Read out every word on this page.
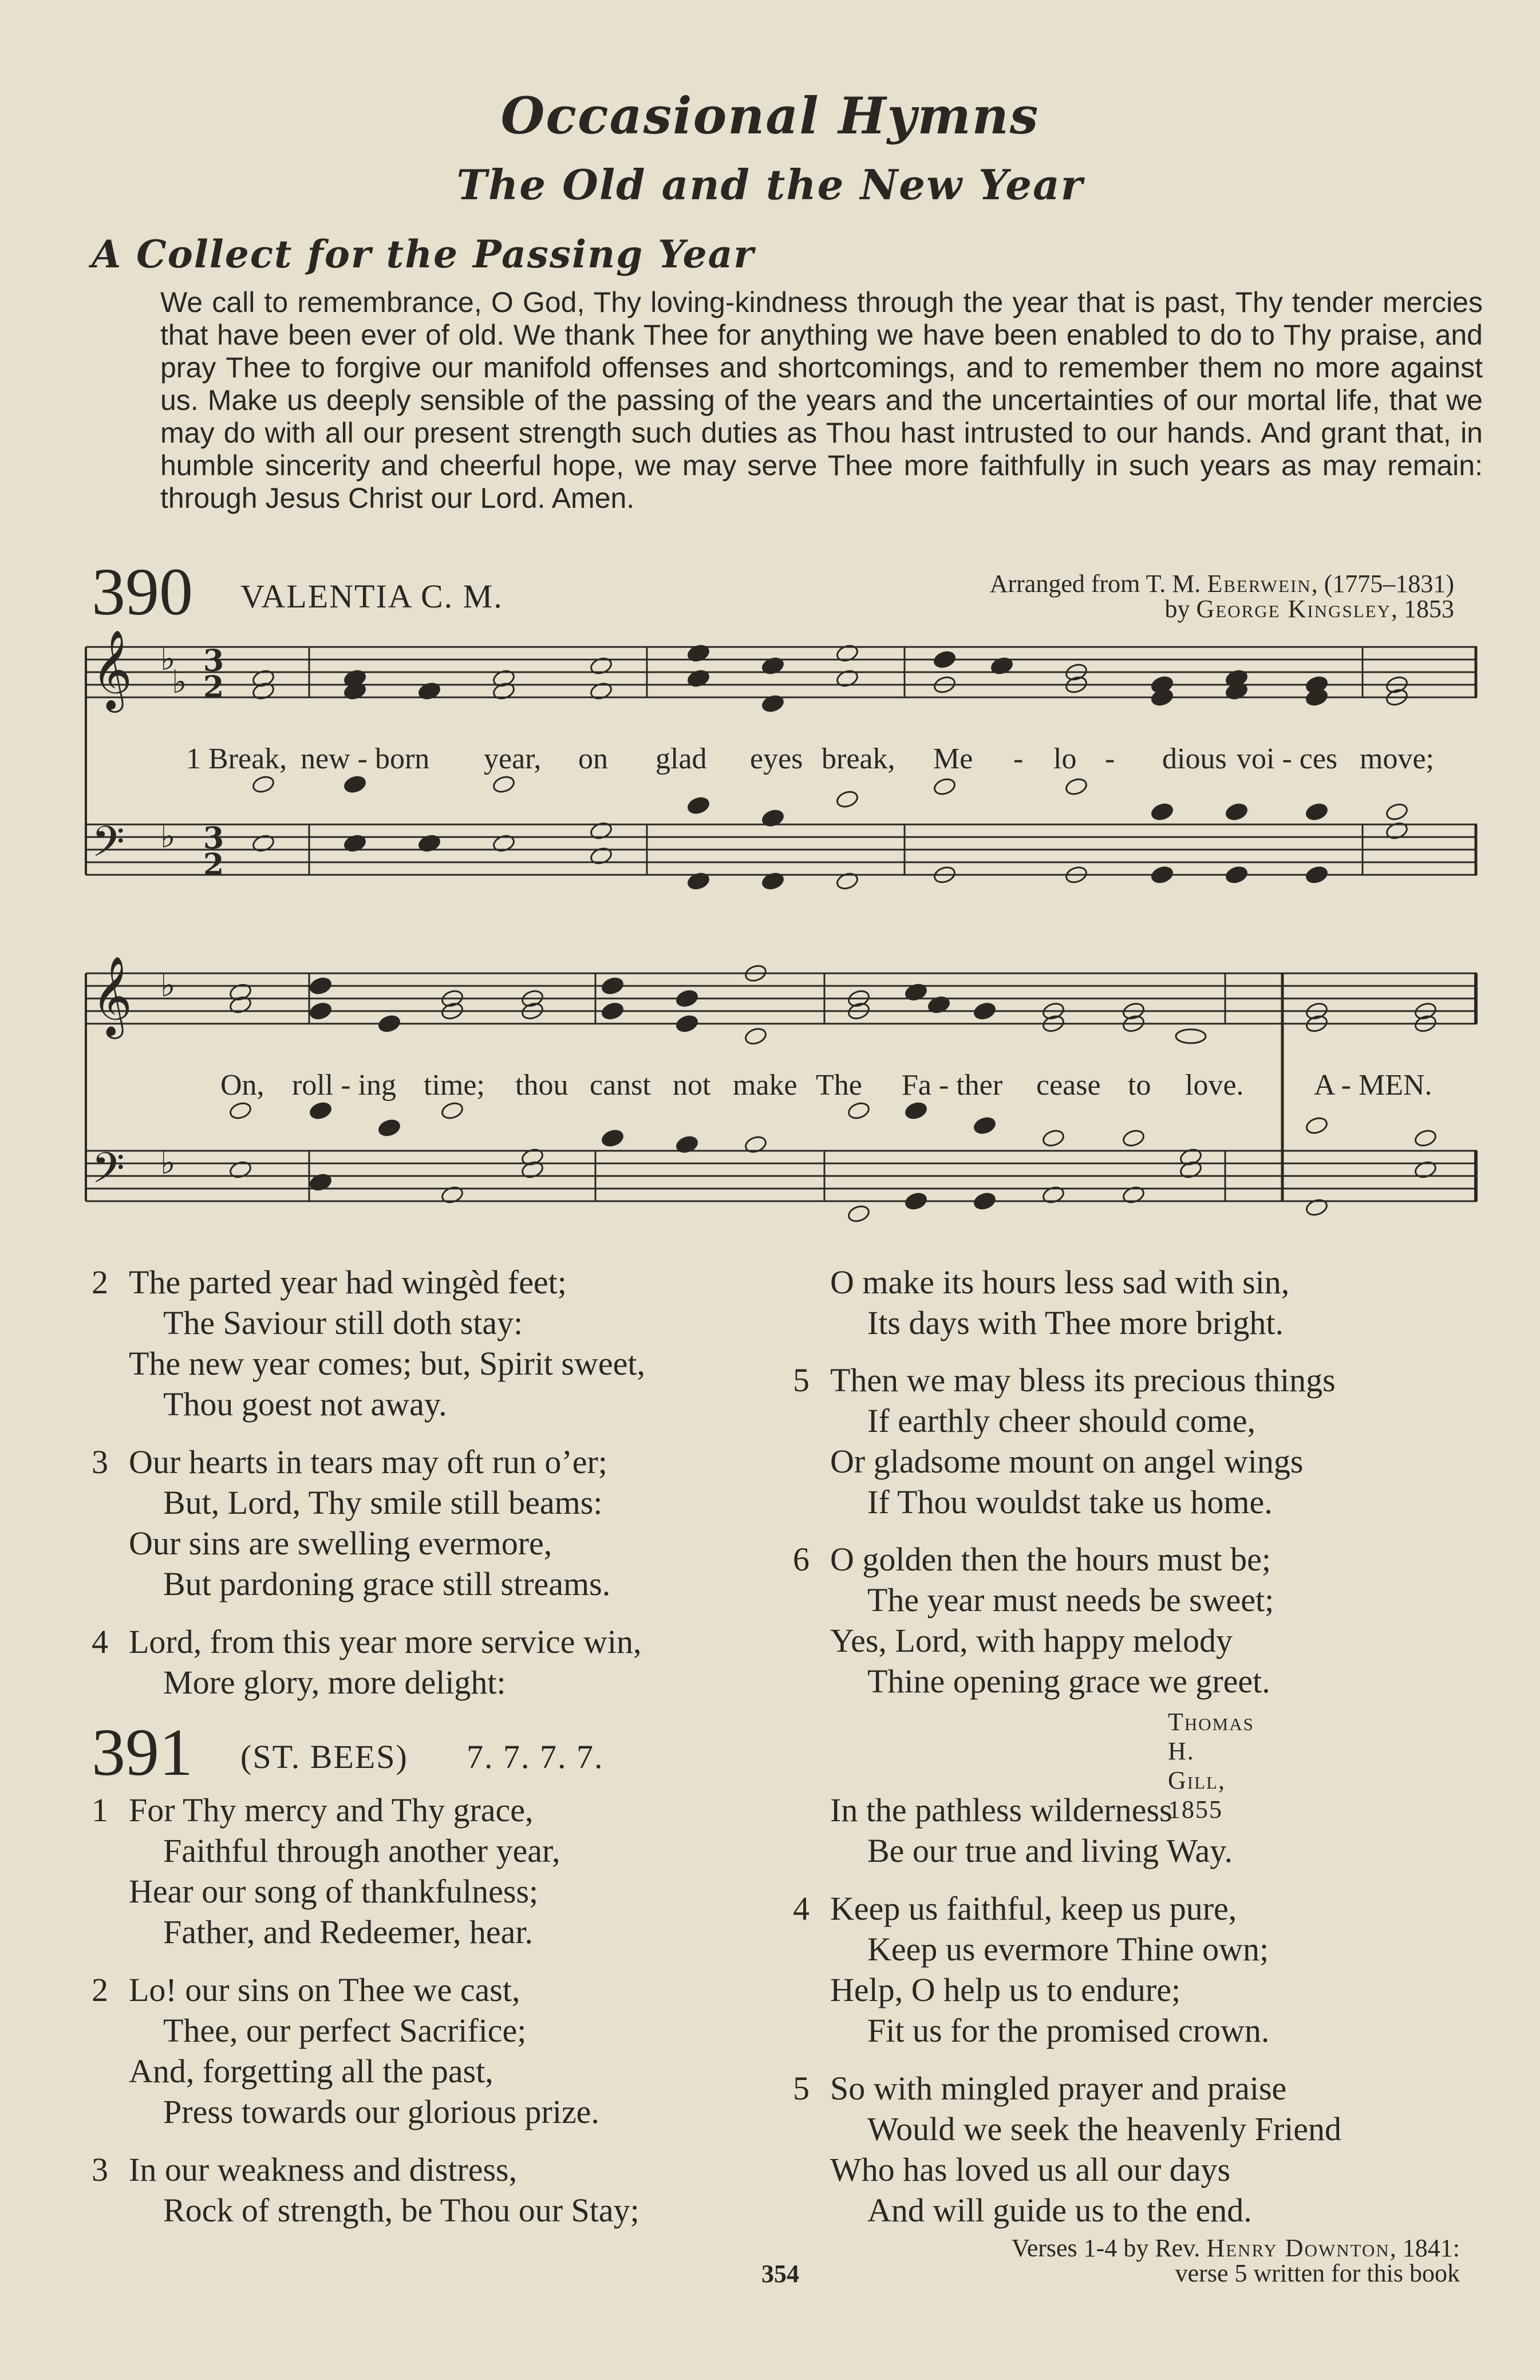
Occasional Hymns
The Old and the New Year
A Collect for the Passing Year
We call to remembrance, O God, Thy loving-kindness through the year that is past, Thy tender mercies that have been ever of old. We thank Thee for anything we have been enabled to do to Thy praise, and pray Thee to forgive our manifold offenses and shortcomings, and to remember them no more against us. Make us deeply sensible of the passing of the years and the uncertainties of our mortal life, that we may do with all our present strength such duties as Thou hast intrusted to our hands. And grant that, in humble sincerity and cheerful hope, we may serve Thee more faithfully in such years as may remain: through Jesus Christ our Lord. Amen.
390 VALENTIA C. M.	Arranged from T. M. Eberwein, (1775–1831)
by George Kingsley, 1853
𝄞
𝄢
𝄞
𝄢
♭
♭
♭
♭
♭
3
2
3
2
1 Break, new - born year, on glad eyes break, Me - lo - dious voi - ces move;
On, roll - ing time; thou canst not make The Fa - ther cease to love. A - MEN.
2 The parted year had wingèd feet;
The Saviour still doth stay:
The new year comes; but, Spirit sweet,
Thou goest not away.
3 Our hearts in tears may oft run o’er;
But, Lord, Thy smile still beams:
Our sins are swelling evermore,
But pardoning grace still streams.
4 Lord, from this year more service win,
More glory, more delight:
O make its hours less sad with sin,
Its days with Thee more bright.
5 Then we may bless its precious things
If earthly cheer should come,
Or gladsome mount on angel wings
If Thou wouldst take us home.
6 O golden then the hours must be;
The year must needs be sweet;
Yes, Lord, with happy melody
Thine opening grace we greet.
Thomas H. Gill, 1855
391 (ST. BEES) 7. 7. 7. 7.
1 For Thy mercy and Thy grace,
Faithful through another year,
Hear our song of thankfulness;
Father, and Redeemer, hear.
2 Lo! our sins on Thee we cast,
Thee, our perfect Sacrifice;
And, forgetting all the past,
Press towards our glorious prize.
3 In our weakness and distress,
Rock of strength, be Thou our Stay;
In the pathless wilderness
Be our true and living Way.
4 Keep us faithful, keep us pure,
Keep us evermore Thine own;
Help, O help us to endure;
Fit us for the promised crown.
5 So with mingled prayer and praise
Would we seek the heavenly Friend
Who has loved us all our days
And will guide us to the end.
Verses 1-4 by Rev. Henry Downton, 1841:
verse 5 written for this book
354
